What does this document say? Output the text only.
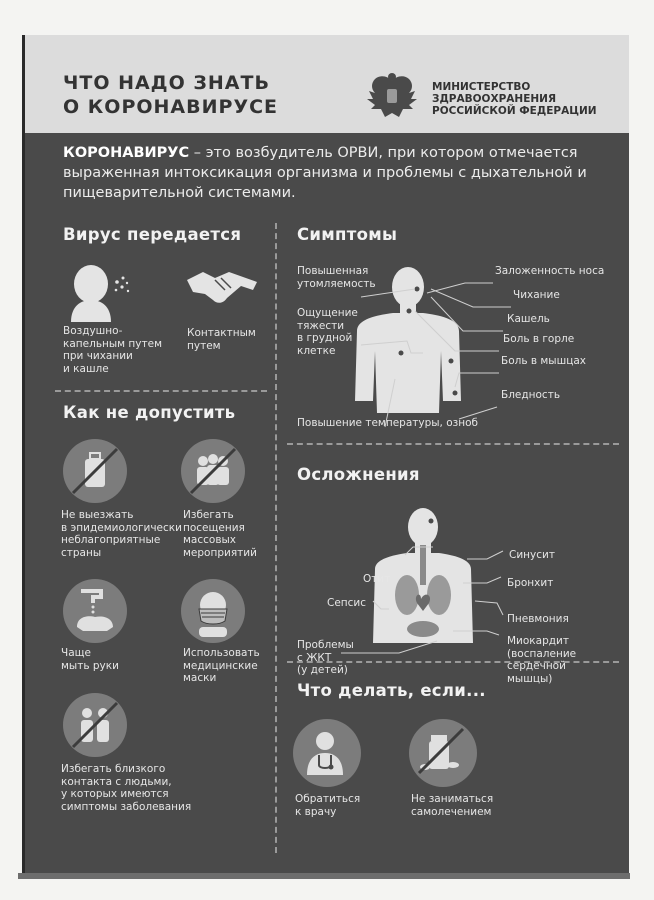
ЧТО НАДО ЗНАТЬ
О КОРОНАВИРУСЕ
МИНИСТЕРСТВО
ЗДРАВООХРАНЕНИЯ
РОССИЙСКОЙ ФЕДЕРАЦИИ

КОРОНАВИРУС – это возбудитель ОРВИ, при котором отмечается выраженная интоксикация организма и проблемы с дыхательной и пищеварительной системами.

Вирус передается
Воздушно-
капельным путем
при чихании
и кашле
Контактным
путем
Как не допустить
Не выезжать
в эпидемиологически
неблагоприятные
страны
Избегать
посещения
массовых
мероприятий
Чаще
мыть руки
Использовать
медицинские
маски
Избегать близкого
контакта с людьми,
у которых имеются
симптомы заболевания
Симптомы
Повышенная
утомляемость
Ощущение
тяжести
в грудной
клетке
Заложенность носа
Чихание
Кашель
Боль в горле
Боль в мышцах
Бледность
Повышение температуры, озноб
Осложнения
Отит
Сепсис
Проблемы
с ЖКТ
(у детей)
Синусит
Бронхит
Пневмония
Миокардит
(воспаление
сердечной
мышцы)
Что делать, если...
Обратиться
к врачу
Не заниматься
самолечением
